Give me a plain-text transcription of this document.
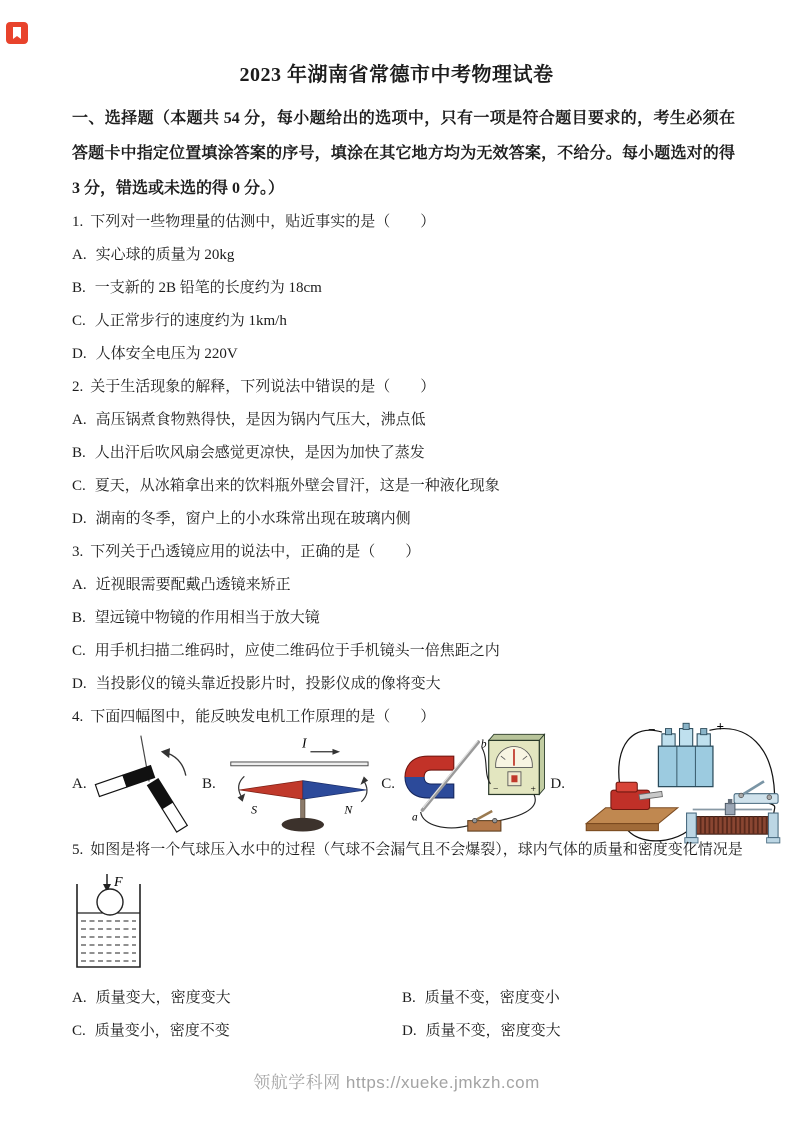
2023 年湖南省常德市中考物理试卷

一、选择题（本题共 54 分，每小题给出的选项中，只有一项是符合题目要求的，考生必须在答题卡中指定位置填涂答案的序号，填涂在其它地方均为无效答案，不给分。每小题选对的得 3 分，错选或未选的得 0 分。）

1. 下列对一些物理量的估测中，贴近事实的是（　　）
A. 实心球的质量为 20kg
B. 一支新的 2B 铅笔的长度约为 18cm
C. 人正常步行的速度约为 1km/h
D. 人体安全电压为 220V
2. 关于生活现象的解释，下列说法中错误的是（　　）
A. 高压锅煮食物熟得快，是因为锅内气压大，沸点低
B. 人出汗后吹风扇会感觉更凉快，是因为加快了蒸发
C. 夏天，从冰箱拿出来的饮料瓶外壁会冒汗，这是一种液化现象
D. 湖南的冬季，窗户上的小水珠常出现在玻璃内侧
3. 下列关于凸透镜应用的说法中，正确的是（　　）
A. 近视眼需要配戴凸透镜来矫正
B. 望远镜中物镜的作用相当于放大镜
C. 用手机扫描二维码时，应使二维码位于手机镜头一倍焦距之内
D. 当投影仪的镜头靠近投影片时，投影仪成的像将变大
4. 下面四幅图中，能反映发电机工作原理的是（　　）
A.	B.
I
S	N
C.
b
a
−	+ D.
−	+
5. 如图是将一个气球压入水中的过程（气球不会漏气且不会爆裂），球内气体的质量和密度变化情况是
F
A. 质量变大，密度变大	B. 质量不变，密度变小
C. 质量变小，密度不变	D. 质量不变，密度变大
领航学科网 https://xueke.jmkzh.com
